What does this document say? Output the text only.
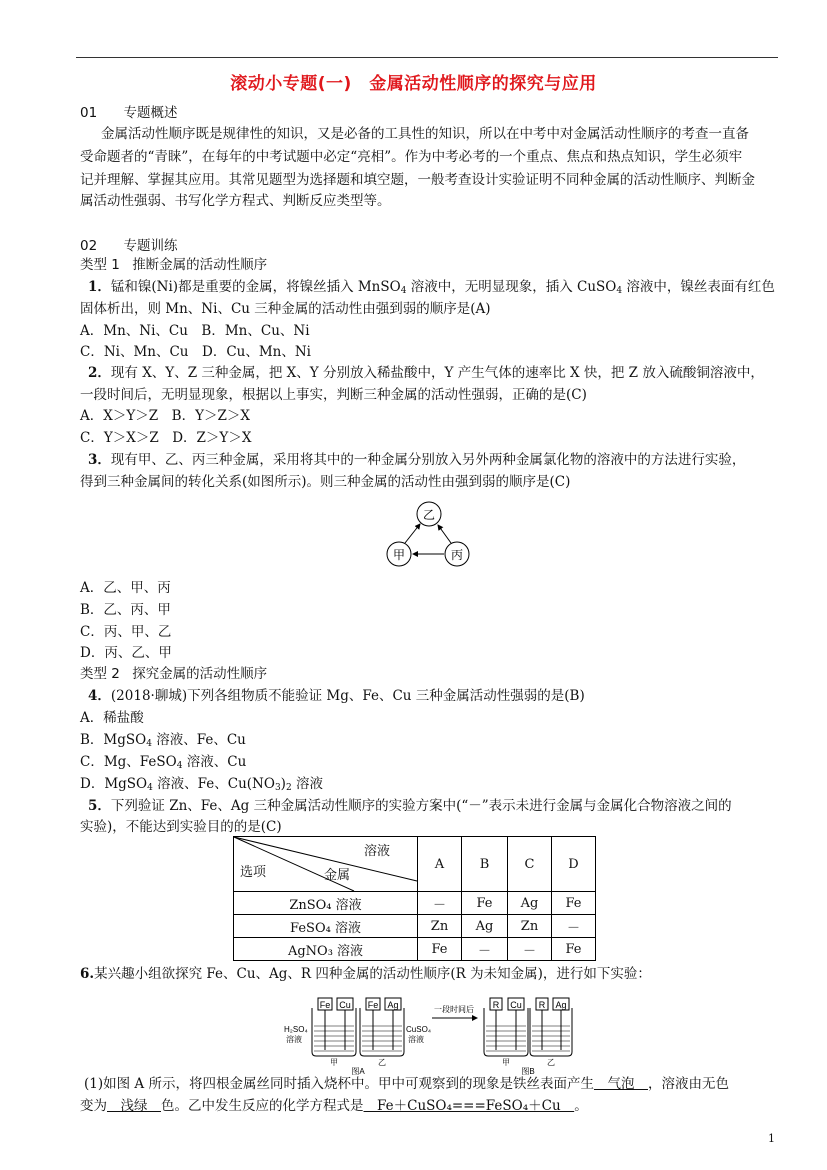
滚动小专题(一)　金属活动性顺序的探究与应用
01 专题概述
金属活动性顺序既是规律性的知识，又是必备的工具性的知识，所以在中考中对金属活动性顺序的考查一直备
受命题者的“青睐”，在每年的中考试题中必定“亮相”。作为中考必考的一个重点、焦点和热点知识，学生必须牢
记并理解、掌握其应用。其常见题型为选择题和填空题，一般考查设计实验证明不同种金属的活动性顺序、判断金
属活动性强弱、书写化学方程式、判断反应类型等。
02 专题训练
类型 1 推断金属的活动性顺序
1．锰和镍(Ni)都是重要的金属，将镍丝插入 MnSO$_4$ 溶液中，无明显现象，插入 CuSO$_4$ 溶液中，镍丝表面有红色
固体析出，则 Mn、Ni、Cu 三种金属的活动性由强到弱的顺序是(A)
A．Mn、Ni、Cu　B．Mn、Cu、Ni
C．Ni、Mn、Cu　D．Cu、Mn、Ni
2．现有 X、Y、Z 三种金属，把 X、Y 分别放入稀盐酸中，Y 产生气体的速率比 X 快，把 Z 放入硫酸铜溶液中，
一段时间后，无明显现象，根据以上事实，判断三种金属的活动性强弱，正确的是(C)
A．X＞Y＞Z　B．Y＞Z＞X
C．Y＞X＞Z　D．Z＞Y＞X
3．现有甲、乙、丙三种金属，采用将其中的一种金属分别放入另外两种金属氯化物的溶液中的方法进行实验，
得到三种金属间的转化关系(如图所示)。则三种金属的活动性由强到弱的顺序是(C)
乙
甲	丙
A．乙、甲、丙
B．乙、丙、甲
C．丙、甲、乙
D．丙、乙、甲
类型 2 探究金属的活动性顺序
4．(2018·聊城)下列各组物质不能验证 Mg、Fe、Cu 三种金属活动性强弱的是(B)
A．稀盐酸
B．MgSO$_4$ 溶液、Fe、Cu
C．Mg、FeSO$_4$ 溶液、Cu
D．MgSO$_4$ 溶液、Fe、$Cu(NO_3)_2$ 溶液
5．下列验证 Zn、Fe、Ag 三种金属活动性顺序的实验方案中(“－”表示未进行金属与金属化合物溶液之间的
实验)，不能达到实验目的的是(C)
溶液
选项 金属	A	B	C	D
ZnSO₄ 溶液	－	Fe	Ag	Fe
FeSO₄ 溶液	Zn	Ag	Zn	－
AgNO₃ 溶液	Fe	－	－	Fe
6.某兴趣小组欲探究 Fe、Cu、Ag、R 四种金属的活动性顺序(R 为未知金属)，进行如下实验：
Fe Cu
H₂SO₄
溶液
甲
Fe Ag
CuSO₄
溶液
乙
图A
一段时间后 R Cu
甲
R Ag
乙
图B
(1)如图 A 所示，将四根金属丝同时插入烧杯中。甲中可观察到的现象是铁丝表面产生　气泡　，溶液由无色
变为　浅绿　色。乙中发生反应的化学方程式是　Fe＋CuSO₄===FeSO₄＋Cu　。
1
